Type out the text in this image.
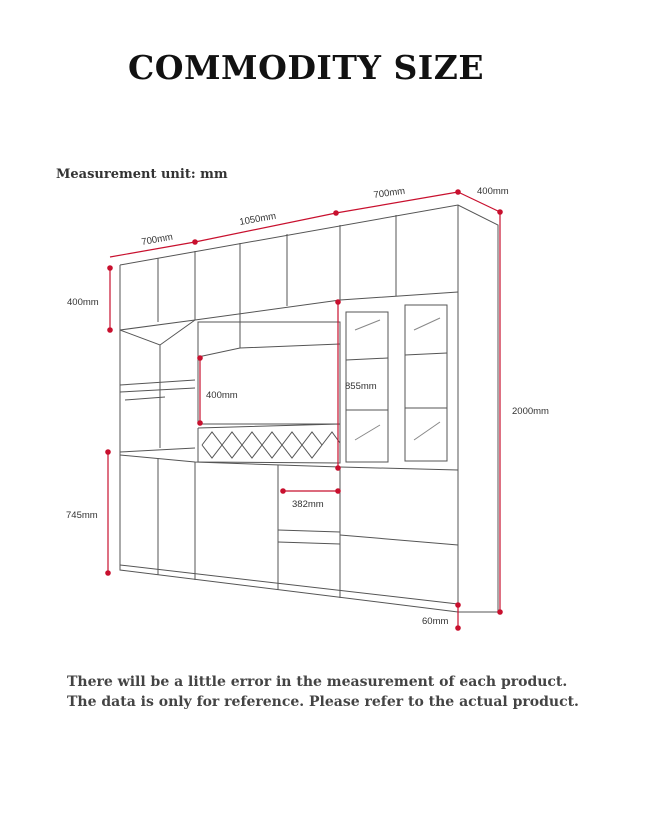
COMMODITY SIZE
Measurement unit: mm
700mm
1050mm
700mm	400mm
2000mm
400mm
400mm
855mm
382mm
745mm
60mm
There will be a little error in the measurement of each product.
The data is only for reference. Please refer to the actual product.
